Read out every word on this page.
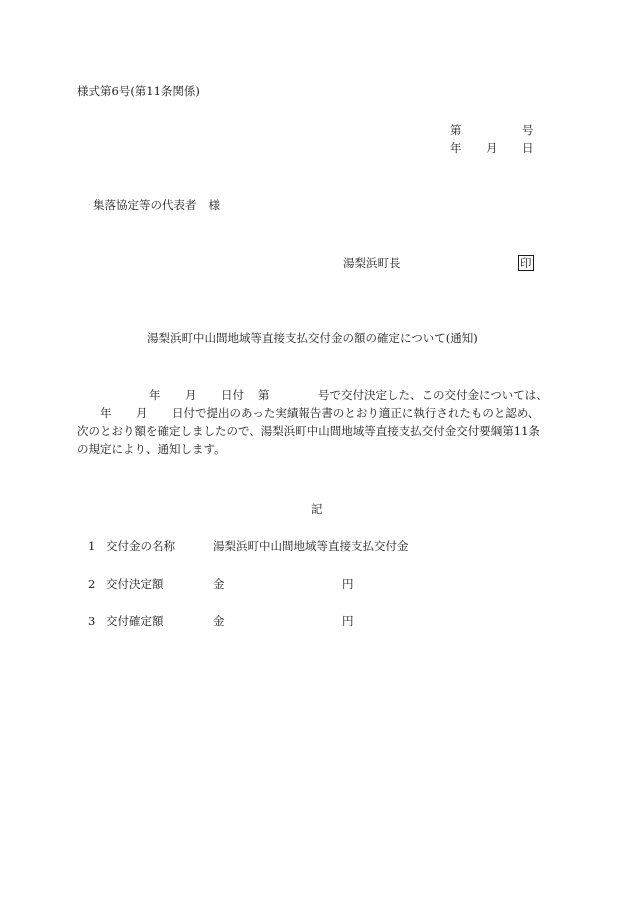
様式第6号(第11条関係)
第	号
年 月 日
集落協定等の代表者 様
湯梨浜町長	印
湯梨浜町中山間地域等直接支払交付金の額の確定について(通知)
年 月 日付 第	号で交付決定した、この交付金については、
年 月 日付で提出のあった実績報告書のとおり適正に執行されたものと認め、
次のとおり額を確定しましたので、湯梨浜町中山間地域等直接支払交付金交付要綱第11条
の規定により、通知します。
記
1 交付金の名称	湯梨浜町中山間地域等直接支払交付金
2 交付決定額	金	円
3 交付確定額	金	円
